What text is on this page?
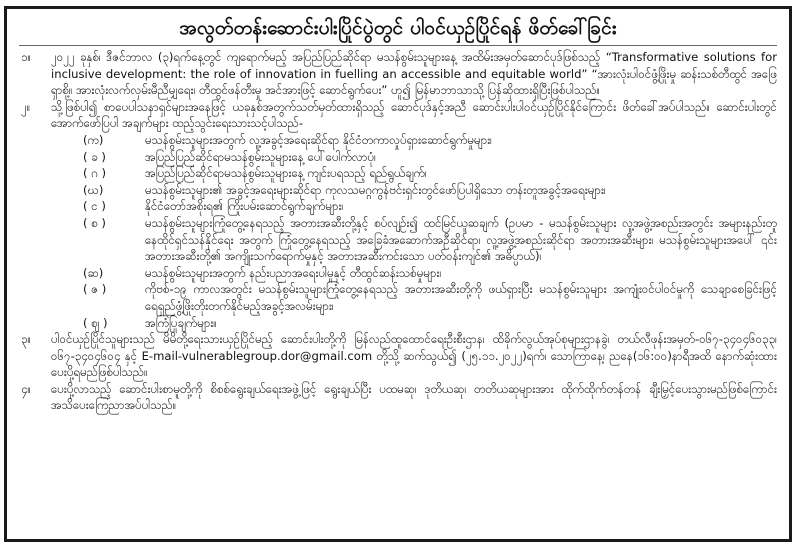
အလွတ်တန်းဆောင်းပါးပြိုင်ပွဲတွင် ပါဝင်ယှဉ်ပြိုင်ရန် ဖိတ်ခေါ်ခြင်း
၁။	၂၀၂၂ ခုနှစ်၊ ဒီဇင်ဘာလ (၃)ရက်နေ့တွင် ကျရောက်မည့် အပြည်ပြည်ဆိုင်ရာ မသန်စွမ်းသူများနေ့ အထိမ်းအမှတ်ဆောင်ပုဒ်ဖြစ်သည့် “Transformative solutions for inclusive development: the role of innovation in fuelling an accessible and equitable world” “အားလုံးပါဝင်ဖွံ့ဖြိုးမှု ဆန်းသစ်တီထွင် အဖြေရှာစို့။ အားလုံးလက်လှမ်းမီညီမျှရေး၊ တီထွင်ဖန်တီးမှု အင်အားဖြင့် ဆောင်ရွက်ပေး” ဟူ၍ မြန်မာဘာသာသို့ ပြန်ဆိုထားရှိပြီးဖြစ်ပါသည်။
၂။	သို့ဖြစ်ပါ၍ စာပေပါသနာရှင်များအနေဖြင့် ယခုနှစ်အတွက်သတ်မှတ်ထားရှိသည့် ဆောင်ပုဒ်နှင့်အညီ ဆောင်းပါးပါဝင်ယှဉ်ပြိုင်နိုင်ကြောင်း ဖိတ်ခေါ်အပ်ပါသည်။ ဆောင်းပါးတွင် အောက်ဖော်ပြပါ အချက်များ ထည့်သွင်းရေးသားသင့်ပါသည်-
(က)	မသန်စွမ်းသူများအတွက် လူ့အခွင့်အရေးဆိုင်ရာ နိုင်ငံတကာလှုပ်ရှားဆောင်ရွက်မှုများ၊
( ခ )	အပြည်ပြည်ဆိုင်ရာမသန်စွမ်းသူများနေ့ ပေါ်ပေါက်လာပုံ၊
( ဂ )	အပြည်ပြည်ဆိုင်ရာမသန်စွမ်းသူများနေ့ ကျင်းပရသည့် ရည်ရွယ်ချက်၊
(ဃ)	မသန်စွမ်းသူများ၏ အခွင့်အရေးများဆိုင်ရာ ကုလသမဂ္ဂကွန်ဗင်းရှင်းတွင်ဖော်ပြပါရှိသော တန်းတူအခွင့်အရေးများ၊
( င )	နိုင်ငံတော်အစိုးရ၏ ကြိုးပမ်းဆောင်ရွက်ချက်များ၊
( စ )	မသန်စွမ်းသူများကြုံတွေ့နေရသည့် အတားအဆီးတို့နှင့် စပ်လျဉ်း၍ ထင်မြင်ယူဆချက် (ဥပမာ - မသန်စွမ်းသူများ လူ့အဖွဲ့အစည်းအတွင်း အများနည်းတူ နေထိုင်ရှင်သန်နိုင်ရေး အတွက် ကြုံတွေ့နေရသည့် အခြေခံအဆောက်အဦဆိုင်ရာ၊ လူ့အဖွဲ့အစည်းဆိုင်ရာ အတားအဆီးများ၊ မသန်စွမ်းသူများအပေါ် ၎င်းအတားအဆီးတို့၏ အကျိုးသက်ရောက်မှုနှင့် အတားအဆီးကင်းသော ပတ်ဝန်းကျင်၏ အဓိပ္ပာယ်)၊
(ဆ)	မသန်စွမ်းသူများအတွက် နည်းပညာအရေးပါမှုနှင့် တီထွင်ဆန်းသစ်မှုများ၊
( ဇ )	ကိုဗစ်-၁၉ ကာလအတွင်း မသန်စွမ်းသူများကြုံတွေ့နေရသည့် အတားအဆီးတို့ကို ဖယ်ရှားပြီး မသန်စွမ်းသူများ အကျုံးဝင်ပါဝင်မှုကို သေချာစေခြင်းဖြင့် ရေရှည်ဖွံ့ဖြိုးတိုးတက်နိုင်မည့်အခွင့်အလမ်းများ၊
( ဈ )	အကြံပြုချက်များ။
၃။	ပါဝင်ယှဉ်ပြိုင်သူများသည် မိမိတို့ရေးသားယှဉ်ပြိုင်မည့် ဆောင်းပါးတို့ကို မြန်လည်ထူထောင်ရေးဦးစီးဌာန၊ ထိခိုက်လွယ်အုပ်စုများဌာနခွဲ၊ တယ်လီဖုန်းအမှတ်-၀၆၇-၃၄၀၄၆၀၃၃၊ ၀၆၇-၃၄၀၄၆၀၄ နှင့် E-mail-vulnerablegroup.dor@gmail.com တို့သို့ ဆက်သွယ်၍ (၂၅.၁၁.၂၀၂၂)ရက်၊ သောကြာနေ့၊ ညနေ(၁၆:၀၀)နာရီအထိ နောက်ဆုံးထားပေးပို့ရမည်ဖြစ်ပါသည်။
၄။	ပေးပို့လာသည့် ဆောင်းပါးစာမူတို့ကို စိစစ်ရွေးချယ်ရေးအဖွဲ့ဖြင့် ရွေးချယ်ပြီး ပထမဆု၊ ဒုတိယဆု၊ တတိယဆုများအား ထိုက်ထိုက်တန်တန် ချီးမြှင့်ပေးသွားမည်ဖြစ်ကြောင်း အသိပေးကြေညာအပ်ပါသည်။
